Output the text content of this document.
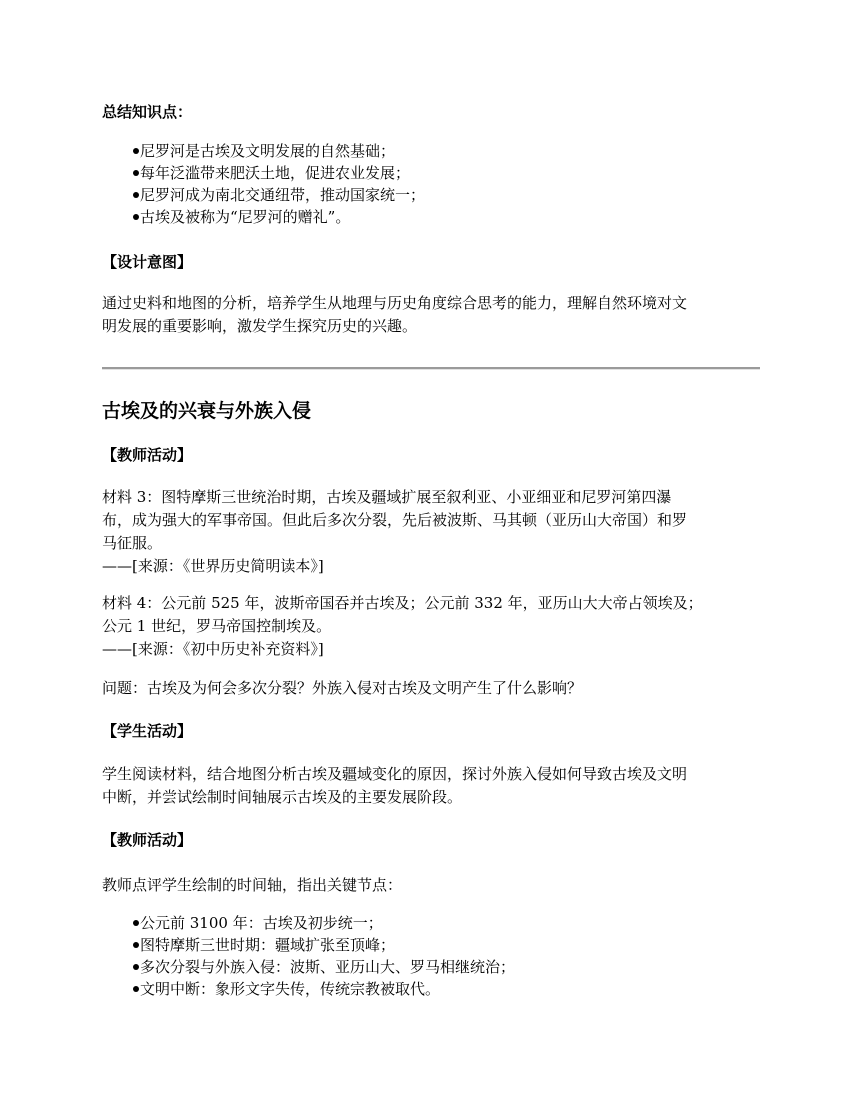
总结知识点：
尼罗河是古埃及文明发展的自然基础；
每年泛滥带来肥沃土地，促进农业发展；
尼罗河成为南北交通纽带，推动国家统一；
古埃及被称为“尼罗河的赠礼”。
【设计意图】
通过史料和地图的分析，培养学生从地理与历史角度综合思考的能力，理解自然环境对文
明发展的重要影响，激发学生探究历史的兴趣。
古埃及的兴衰与外族入侵
【教师活动】
材料 3：图特摩斯三世统治时期，古埃及疆域扩展至叙利亚、小亚细亚和尼罗河第四瀑
布，成为强大的军事帝国。但此后多次分裂，先后被波斯、马其顿（亚历山大帝国）和罗
马征服。
——[来源：《世界历史简明读本》]
材料 4：公元前 525 年，波斯帝国吞并古埃及；公元前 332 年，亚历山大大帝占领埃及；
公元 1 世纪，罗马帝国控制埃及。
——[来源：《初中历史补充资料》]
问题：古埃及为何会多次分裂？外族入侵对古埃及文明产生了什么影响？
【学生活动】
学生阅读材料，结合地图分析古埃及疆域变化的原因，探讨外族入侵如何导致古埃及文明
中断，并尝试绘制时间轴展示古埃及的主要发展阶段。
【教师活动】
教师点评学生绘制的时间轴，指出关键节点：
公元前 3100 年：古埃及初步统一；
图特摩斯三世时期：疆域扩张至顶峰；
多次分裂与外族入侵：波斯、亚历山大、罗马相继统治；
文明中断：象形文字失传，传统宗教被取代。
